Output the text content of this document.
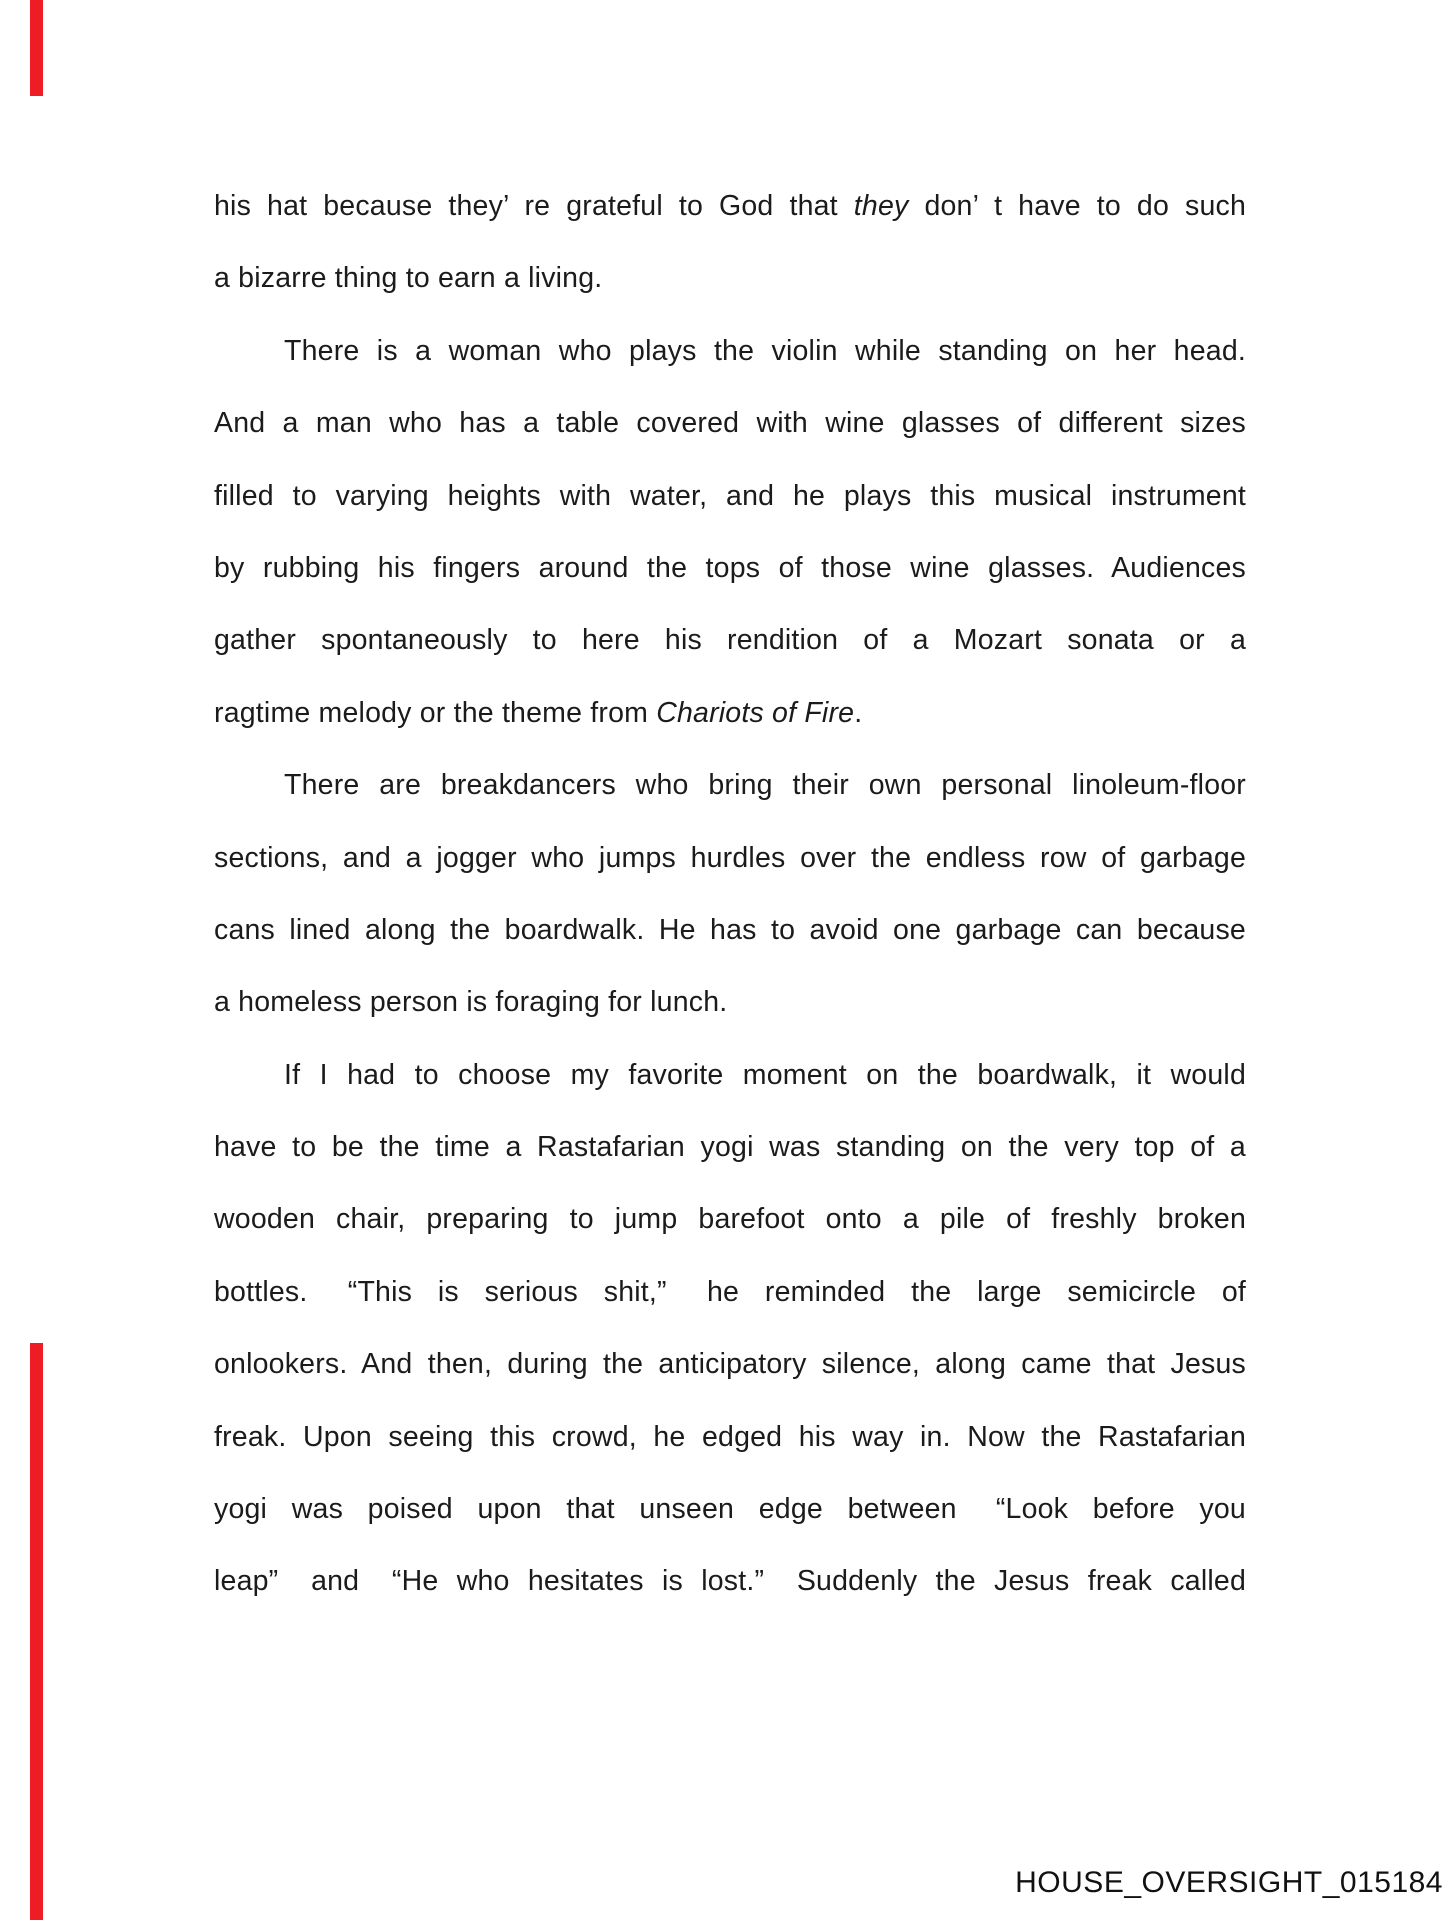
his hat because they’ re grateful to God that they don’ t have to do such
a bizarre thing to earn a living.
There is a woman who plays the violin while standing on her head.
And a man who has a table covered with wine glasses of different sizes
filled to varying heights with water, and he plays this musical instrument
by rubbing his fingers around the tops of those wine glasses. Audiences
gather spontaneously to here his rendition of a Mozart sonata or a
ragtime melody or the theme from Chariots of Fire.
There are breakdancers who bring their own personal linoleum-floor
sections, and a jogger who jumps hurdles over the endless row of garbage
cans lined along the boardwalk. He has to avoid one garbage can because
a homeless person is foraging for lunch.
If I had to choose my favorite moment on the boardwalk, it would
have to be the time a Rastafarian yogi was standing on the very top of a
wooden chair, preparing to jump barefoot onto a pile of freshly broken
bottles.  “This is serious shit,”  he reminded the large semicircle of
onlookers. And then, during the anticipatory silence, along came that Jesus
freak. Upon seeing this crowd, he edged his way in. Now the Rastafarian
yogi was poised upon that unseen edge between  “Look before you
leap”  and  “He who hesitates is lost.”  Suddenly the Jesus freak called
HOUSE_OVERSIGHT_015184
